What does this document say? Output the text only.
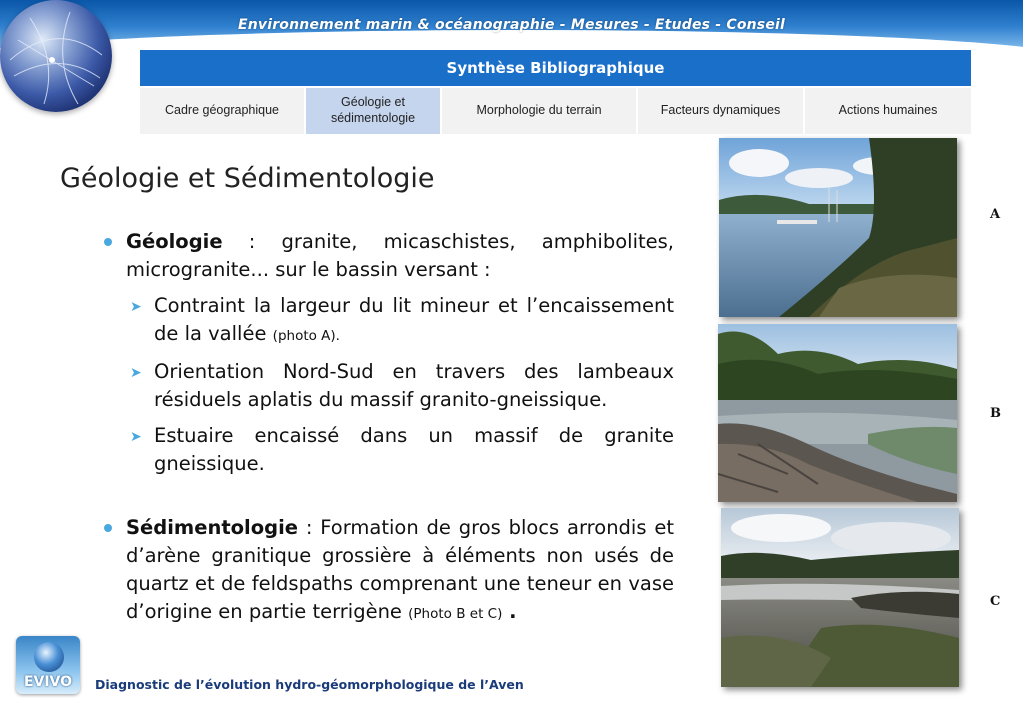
Environnement marin & océanographie - Mesures - Etudes - Conseil
Synthèse Bibliographique
Cadre géographique
Géologie et sédimentologie
Morphologie du terrain	Facteurs dynamiques	Actions humaines
Géologie et Sédimentologie
Géologie : granite, micaschistes, amphibolites, microgranite... sur le bassin versant :
➤ Contraint la largeur du lit mineur et l’encaissement de la vallée (photo A).
➤ Orientation Nord-Sud en travers des lambeaux résiduels aplatis du massif granito-gneissique.
➤ Estuaire encaissé dans un massif de granite gneissique.
Sédimentologie : Formation de gros blocs arrondis et d’arène granitique grossière à éléments non usés de quartz et de feldspaths comprenant une teneur en vase d’origine en partie terrigène (Photo B et C) .
A
B
C
EVIVO	Diagnostic de l’évolution hydro-géomorphologique de l’Aven
